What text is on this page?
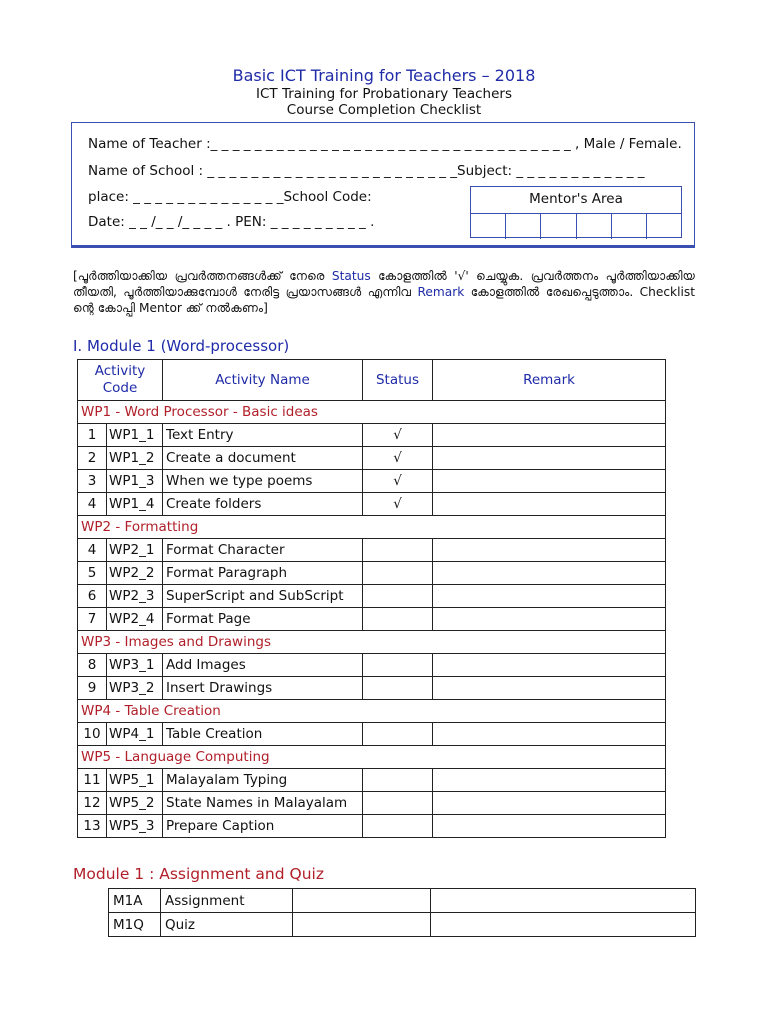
Basic ICT Training for Teachers – 2018
ICT Training for Probationary Teachers
Course Completion Checklist
Name of Teacher :_ _ _ _ _ _ _ _ _ _ _ _ _ _ _ _ _ _ _ _ _ _ _ _ _ _ _ _ _ _ _ _ _ , Male / Female.
Name of School : _ _ _ _ _ _ _ _ _ _ _ _ _ _ _ _ _ _ _ _ _ _ _Subject: _ _ _ _ _ _ _ _ _ _ _ _
place: _ _ _ _ _ _ _ _ _ _ _ _ _ _School Code:
Date: _ _ /_ _ /_ _ _ _ . PEN: _ _ _ _ _ _ _ _ _ .
Mentor's Area
[പൂർത്തിയാക്കിയ പ്രവർത്തനങ്ങൾക്ക് നേരെ Status കോളത്തിൽ '√' ചെയ്യുക. പ്രവർത്തനം പൂർത്തിയാക്കിയ തീയതി, പൂർത്തിയാക്കുമ്പോൾ നേരിട്ട പ്രയാസങ്ങൾ എന്നിവ Remark കോളത്തിൽ രേഖപ്പെടുത്താം. Checklist ന്റെ കോപ്പി Mentor ക്ക് നൽകണം]
I. Module 1 (Word-processor)
Activity Code		Activity Name	Status	Remark
WP1 - Word Processor - Basic ideas				
1	WP1_1	Text Entry	√	
2	WP1_2	Create a document	√	
3	WP1_3	When we type poems	√	
4	WP1_4	Create folders	√	
WP2 - Formatting				
4	WP2_1	Format Character		
5	WP2_2	Format Paragraph		
6	WP2_3	SuperScript and SubScript		
7	WP2_4	Format Page		
WP3 - Images and Drawings				
8	WP3_1	Add Images		
9	WP3_2	Insert Drawings		
WP4 - Table Creation				
10	WP4_1	Table Creation		
WP5 - Language Computing				
11	WP5_1	Malayalam Typing		
12	WP5_2	State Names in Malayalam		
13	WP5_3	Prepare Caption		
Module 1 : Assignment and Quiz
M1A	Assignment		
M1Q	Quiz		
